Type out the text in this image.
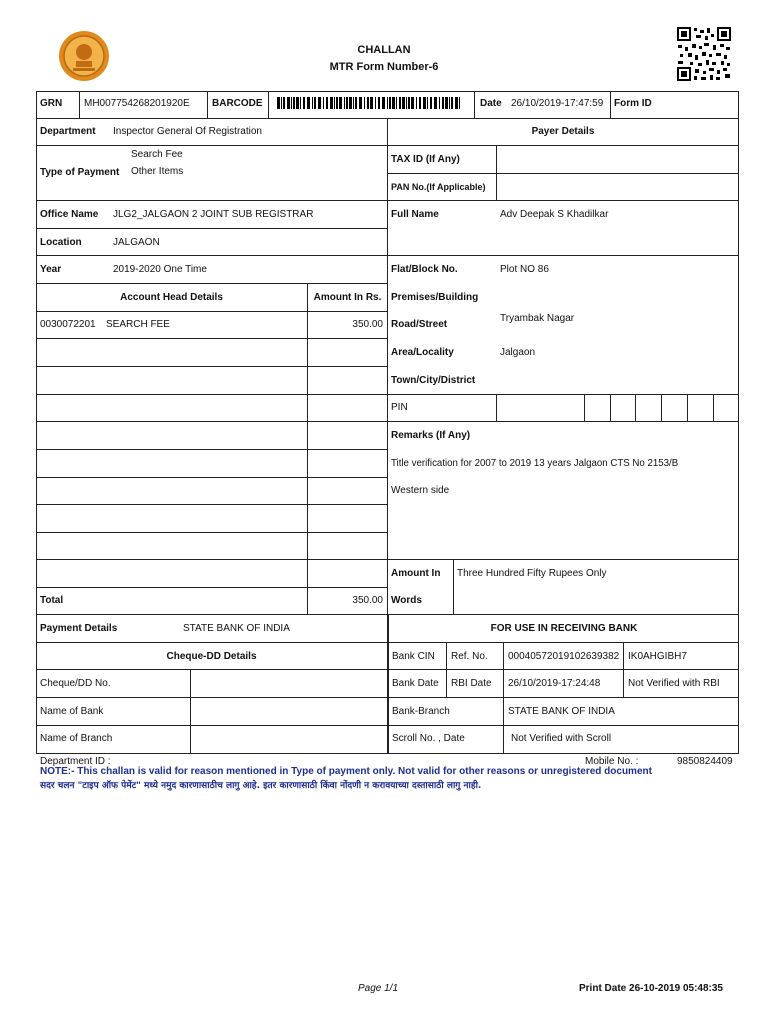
CHALLAN
MTR Form Number-6
GRN MH007754268201920E BARCODE	Date 26/10/2019-17:47:59 Form ID
Department Inspector General Of Registration
Search Fee
Type of Payment Other Items
Office Name JLG2_JALGAON 2 JOINT SUB REGISTRAR
Location	JALGAON
Year	2019-2020 One Time
Account Head Details	Amount In Rs.
0030072201 SEARCH FEE	350.00
Total	350.00
Payer Details
TAX ID (If Any)
PAN No.(If Applicable)
Full Name	Adv Deepak S Khadilkar
Flat/Block No.	Plot NO 86
Premises/Building
Road/Street
Tryambak Nagar
Area/Locality	Jalgaon
Town/City/District
PIN
Remarks (If Any)
Title verification for 2007 to 2019 13 years Jalgaon CTS No 2153/B
Western side
Amount In
Words
Three Hundred Fifty Rupees Only
Payment Details	STATE BANK OF INDIA	FOR USE IN RECEIVING BANK
Cheque-DD Details
Cheque/DD No.
Name of Bank
Name of Branch
Bank CIN Ref. No. 00040572019102639382 IK0AHGIBH7
Bank Date RBI Date 26/10/2019-17:24:48	Not Verified with RBI
Bank-Branch	STATE BANK OF INDIA
Scroll No. , Date	Not Verified with Scroll
Department ID :	Mobile No. :	9850824409
NOTE:- This challan is valid for reason mentioned in Type of payment only. Not valid for other reasons or unregistered document
सदर चलन "टाइप ऑफ पेमेंट" मध्ये नमुद कारणासाठीच लागु आहे. इतर कारणासाठी किंवा नोंदणी न करावयाच्या दस्तासाठी लागु नाही.
Page 1/1	Print Date 26-10-2019 05:48:35
